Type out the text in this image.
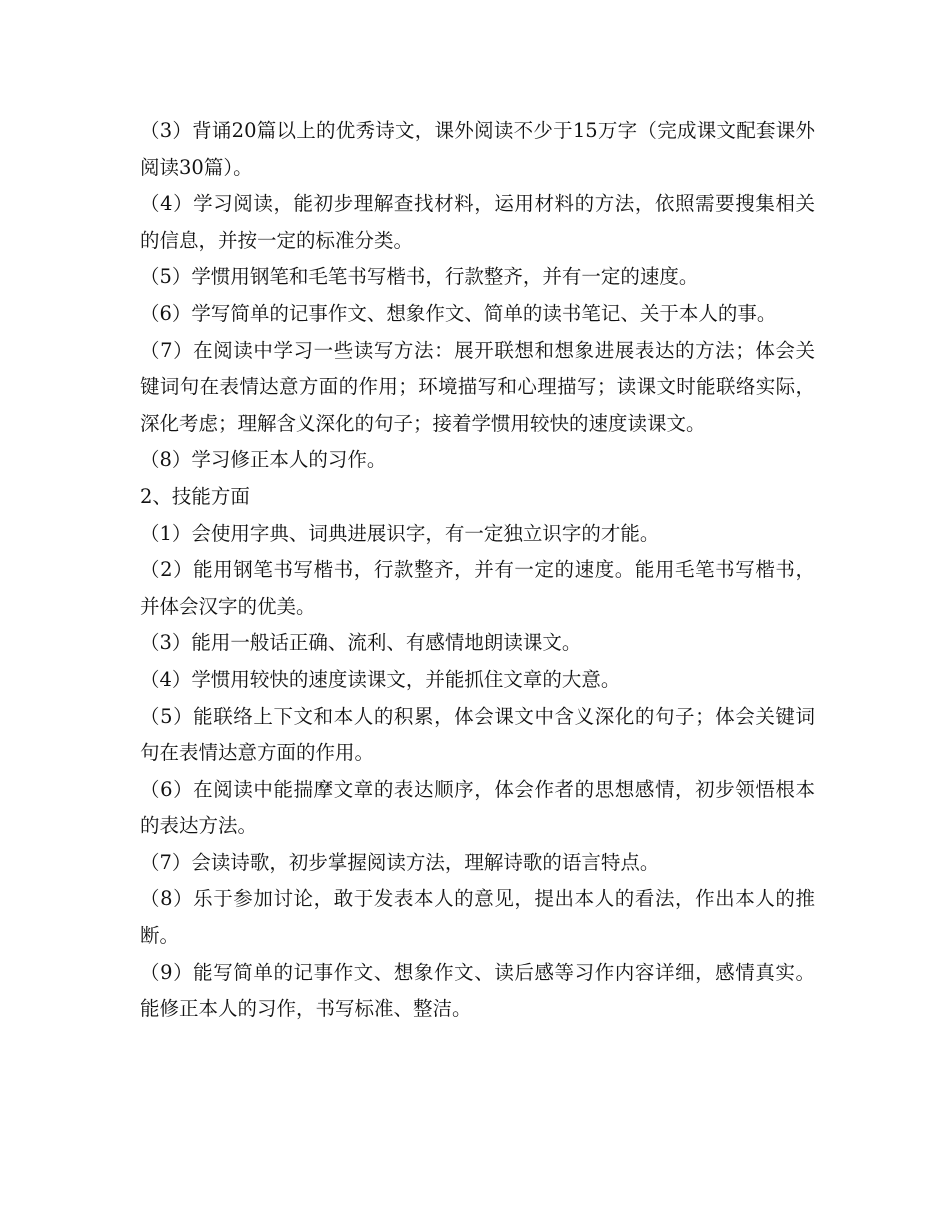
（3）背诵20篇以上的优秀诗文，课外阅读不少于15万字（完成课文配套课外阅读30篇）。

（4）学习阅读，能初步理解查找材料，运用材料的方法，依照需要搜集相关的信息，并按一定的标准分类。

（5）学惯用钢笔和毛笔书写楷书，行款整齐，并有一定的速度。

（6）学写简单的记事作文、想象作文、简单的读书笔记、关于本人的事。

（7）在阅读中学习一些读写方法：展开联想和想象进展表达的方法；体会关键词句在表情达意方面的作用；环境描写和心理描写；读课文时能联络实际，深化考虑；理解含义深化的句子；接着学惯用较快的速度读课文。

（8）学习修正本人的习作。

2、技能方面

（1）会使用字典、词典进展识字，有一定独立识字的才能。

（2）能用钢笔书写楷书，行款整齐，并有一定的速度。能用毛笔书写楷书，并体会汉字的优美。

（3）能用一般话正确、流利、有感情地朗读课文。

（4）学惯用较快的速度读课文，并能抓住文章的大意。

（5）能联络上下文和本人的积累，体会课文中含义深化的句子；体会关键词句在表情达意方面的作用。

（6）在阅读中能揣摩文章的表达顺序，体会作者的思想感情，初步领悟根本的表达方法。

（7）会读诗歌，初步掌握阅读方法，理解诗歌的语言特点。

（8）乐于参加讨论，敢于发表本人的意见，提出本人的看法，作出本人的推断。

（9）能写简单的记事作文、想象作文、读后感等习作内容详细，感情真实。能修正本人的习作，书写标准、整洁。
